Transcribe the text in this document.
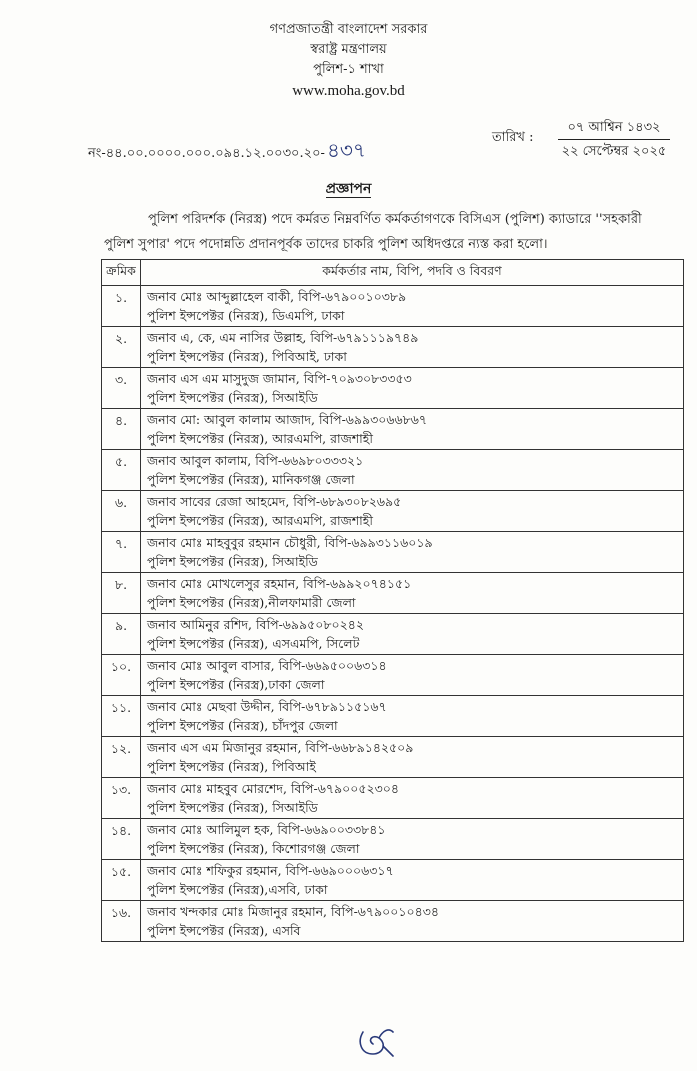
গণপ্রজাতন্ত্রী বাংলাদেশ সরকার
স্বরাষ্ট্র মন্ত্রণালয়
পুলিশ-১ শাখা
www.moha.gov.bd
নং-৪৪.০০.০০০০.০০০.০৯৪.১২.০০৩০.২০- ৪৩৭
তারিখ :
০৭ আশ্বিন ১৪৩২
২২ সেপ্টেম্বর ২০২৫
প্রজ্ঞাপন
পুলিশ পরিদর্শক (নিরস্ত্র) পদে কর্মরত নিম্নবর্ণিত কর্মকর্তাগণকে বিসিএস (পুলিশ) ক্যাডারে ''সহকারী
পুলিশ সুপার' পদে পদোন্নতি প্রদানপূর্বক তাদের চাকরি পুলিশ অধিদপ্তরে ন্যস্ত করা হলো।
ক্রমিক	কর্মকর্তার নাম, বিপি, পদবি ও বিবরণ
১.	জনাব মোঃ আব্দুল্লাহেল বাকী, বিপি-৬৭৯০০১০৩৮৯
পুলিশ ইন্সপেক্টর (নিরস্ত্র), ডিএমপি, ঢাকা

২.	জনাব এ, কে, এম নাসির উল্লাহ, বিপি-৬৭৯১১১৯৭৪৯
পুলিশ ইন্সপেক্টর (নিরস্ত্র), পিবিআই, ঢাকা

৩.	জনাব এস এম মাসুদুজ জামান, বিপি-৭০৯৩০৮৩৩৫৩
পুলিশ ইন্সপেক্টর (নিরস্ত্র), সিআইডি

৪.	জনাব মো: আবুল কালাম আজাদ, বিপি-৬৯৯৩০৬৬৮৬৭
পুলিশ ইন্সপেক্টর (নিরস্ত্র), আরএমপি, রাজশাহী

৫.	জনাব আবুল কালাম, বিপি-৬৬৯৮০৩৩৩২১
পুলিশ ইন্সপেক্টর (নিরস্ত্র), মানিকগঞ্জ জেলা

৬.	জনাব সাবের রেজা আহমেদ, বিপি-৬৮৯৩০৮২৬৯৫
পুলিশ ইন্সপেক্টর (নিরস্ত্র), আরএমপি, রাজশাহী

৭.	জনাব মোঃ মাহবুবুর রহমান চৌধুরী, বিপি-৬৯৯৩১১৬০১৯
পুলিশ ইন্সপেক্টর (নিরস্ত্র), সিআইডি

৮.	জনাব মোঃ মোখলেসুর রহমান, বিপি-৬৯৯২০৭৪১৫১
পুলিশ ইন্সপেক্টর (নিরস্ত্র),নীলফামারী জেলা

৯.	জনাব আমিনুর রশিদ, বিপি-৬৯৯৫০৮০২৪২
পুলিশ ইন্সপেক্টর (নিরস্ত্র), এসএমপি, সিলেট

১০.	জনাব মোঃ আবুল বাসার, বিপি-৬৬৯৫০০৬৩১৪
পুলিশ ইন্সপেক্টর (নিরস্ত্র),ঢাকা জেলা

১১.	জনাব মোঃ মেছবা উদ্দীন, বিপি-৬৭৮৯১১৫১৬৭
পুলিশ ইন্সপেক্টর (নিরস্ত্র), চাঁদপুর জেলা

১২.	জনাব এস এম মিজানুর রহমান, বিপি-৬৬৮৯১৪২৫০৯
পুলিশ ইন্সপেক্টর (নিরস্ত্র), পিবিআই

১৩.	জনাব মোঃ মাহবুব মোরশেদ, বিপি-৬৭৯০০৫২৩০৪
পুলিশ ইন্সপেক্টর (নিরস্ত্র), সিআইডি

১৪.	জনাব মোঃ আলিমুল হক, বিপি-৬৬৯০০৩৩৮৪১
পুলিশ ইন্সপেক্টর (নিরস্ত্র), কিশোরগঞ্জ জেলা

১৫.	জনাব মোঃ শফিকুর রহমান, বিপি-৬৬৯০০০৬৩১৭
পুলিশ ইন্সপেক্টর (নিরস্ত্র),এসবি, ঢাকা

১৬.	জনাব খন্দকার মোঃ মিজানুর রহমান, বিপি-৬৭৯০০১০৪৩৪
পুলিশ ইন্সপেক্টর (নিরস্ত্র), এসবি
